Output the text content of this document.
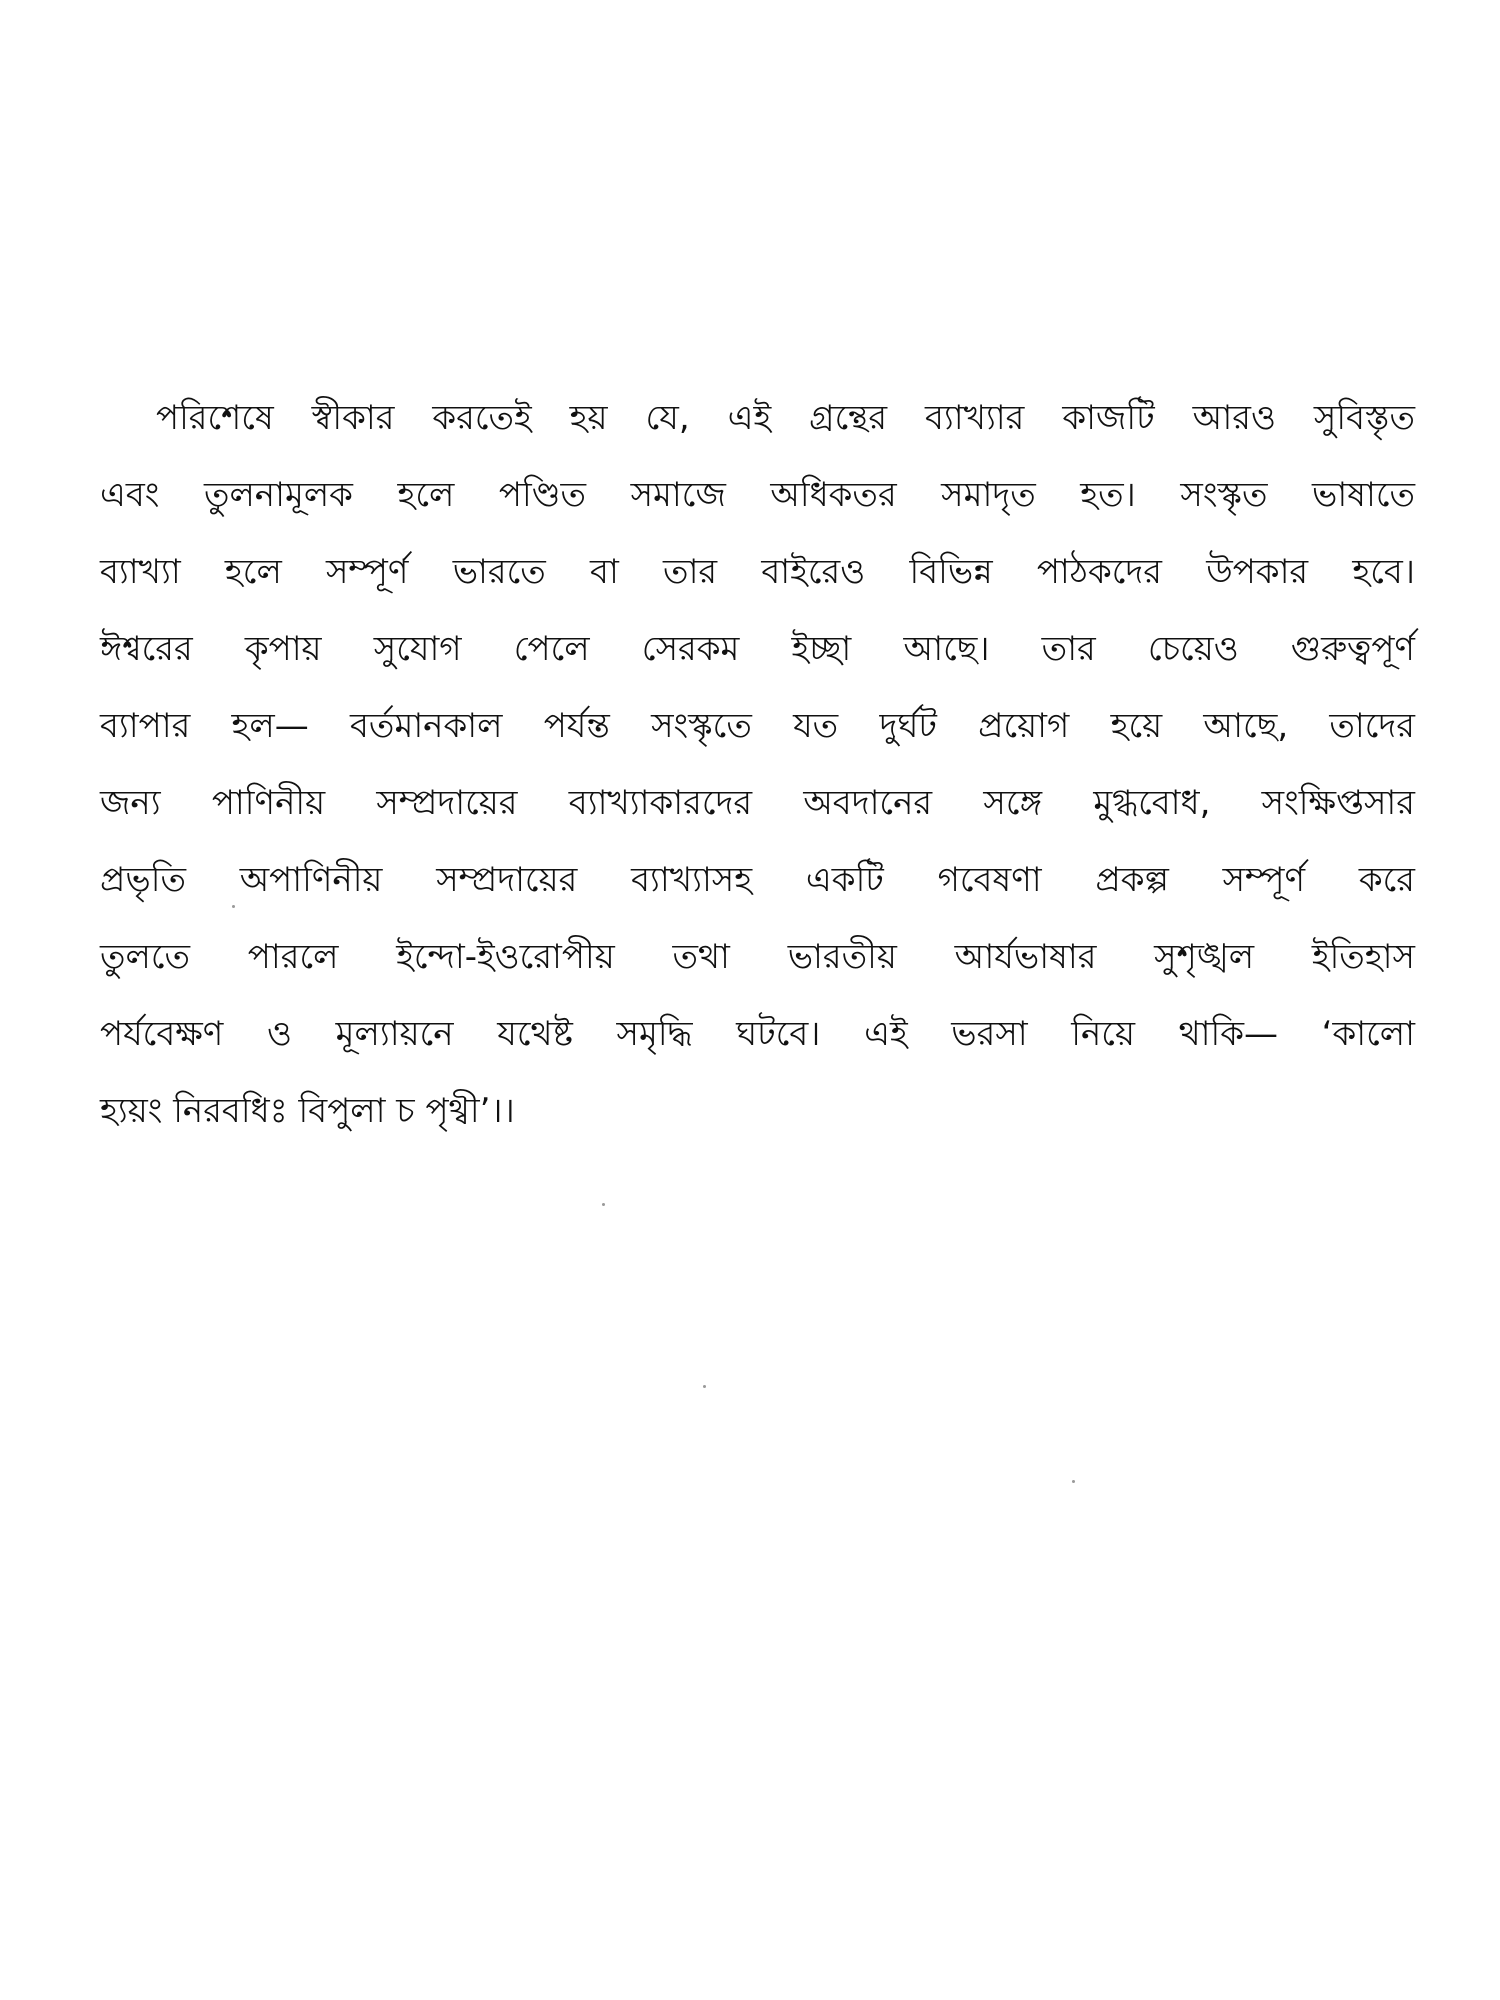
পরিশেষে স্বীকার করতেই হয় যে, এই গ্রন্থের ব্যাখ্যার কাজটি আরও সুবিস্তৃত
এবং তুলনামূলক হলে পণ্ডিত সমাজে অধিকতর সমাদৃত হত। সংস্কৃত ভাষাতে
ব্যাখ্যা হলে সম্পূর্ণ ভারতে বা তার বাইরেও বিভিন্ন পাঠকদের উপকার হবে।
ঈশ্বরের কৃপায় সুযোগ পেলে সেরকম ইচ্ছা আছে। তার চেয়েও গুরুত্বপূর্ণ
ব্যাপার হল— বর্তমানকাল পর্যন্ত সংস্কৃতে যত দুর্ঘট প্রয়োগ হয়ে আছে, তাদের
জন্য পাণিনীয় সম্প্রদায়ের ব্যাখ্যাকারদের অবদানের সঙ্গে মুগ্ধবোধ, সংক্ষিপ্তসার
প্রভৃতি অপাণিনীয় সম্প্রদায়ের ব্যাখ্যাসহ একটি গবেষণা প্রকল্প সম্পূর্ণ করে
তুলতে পারলে ইন্দো-ইওরোপীয় তথা ভারতীয় আর্যভাষার সুশৃঙ্খল ইতিহাস
পর্যবেক্ষণ ও মূল্যায়নে যথেষ্ট সমৃদ্ধি ঘটবে। এই ভরসা নিয়ে থাকি— ‘কালো
হ্যয়ং নিরবধিঃ বিপুলা চ পৃথ্বী’।।
